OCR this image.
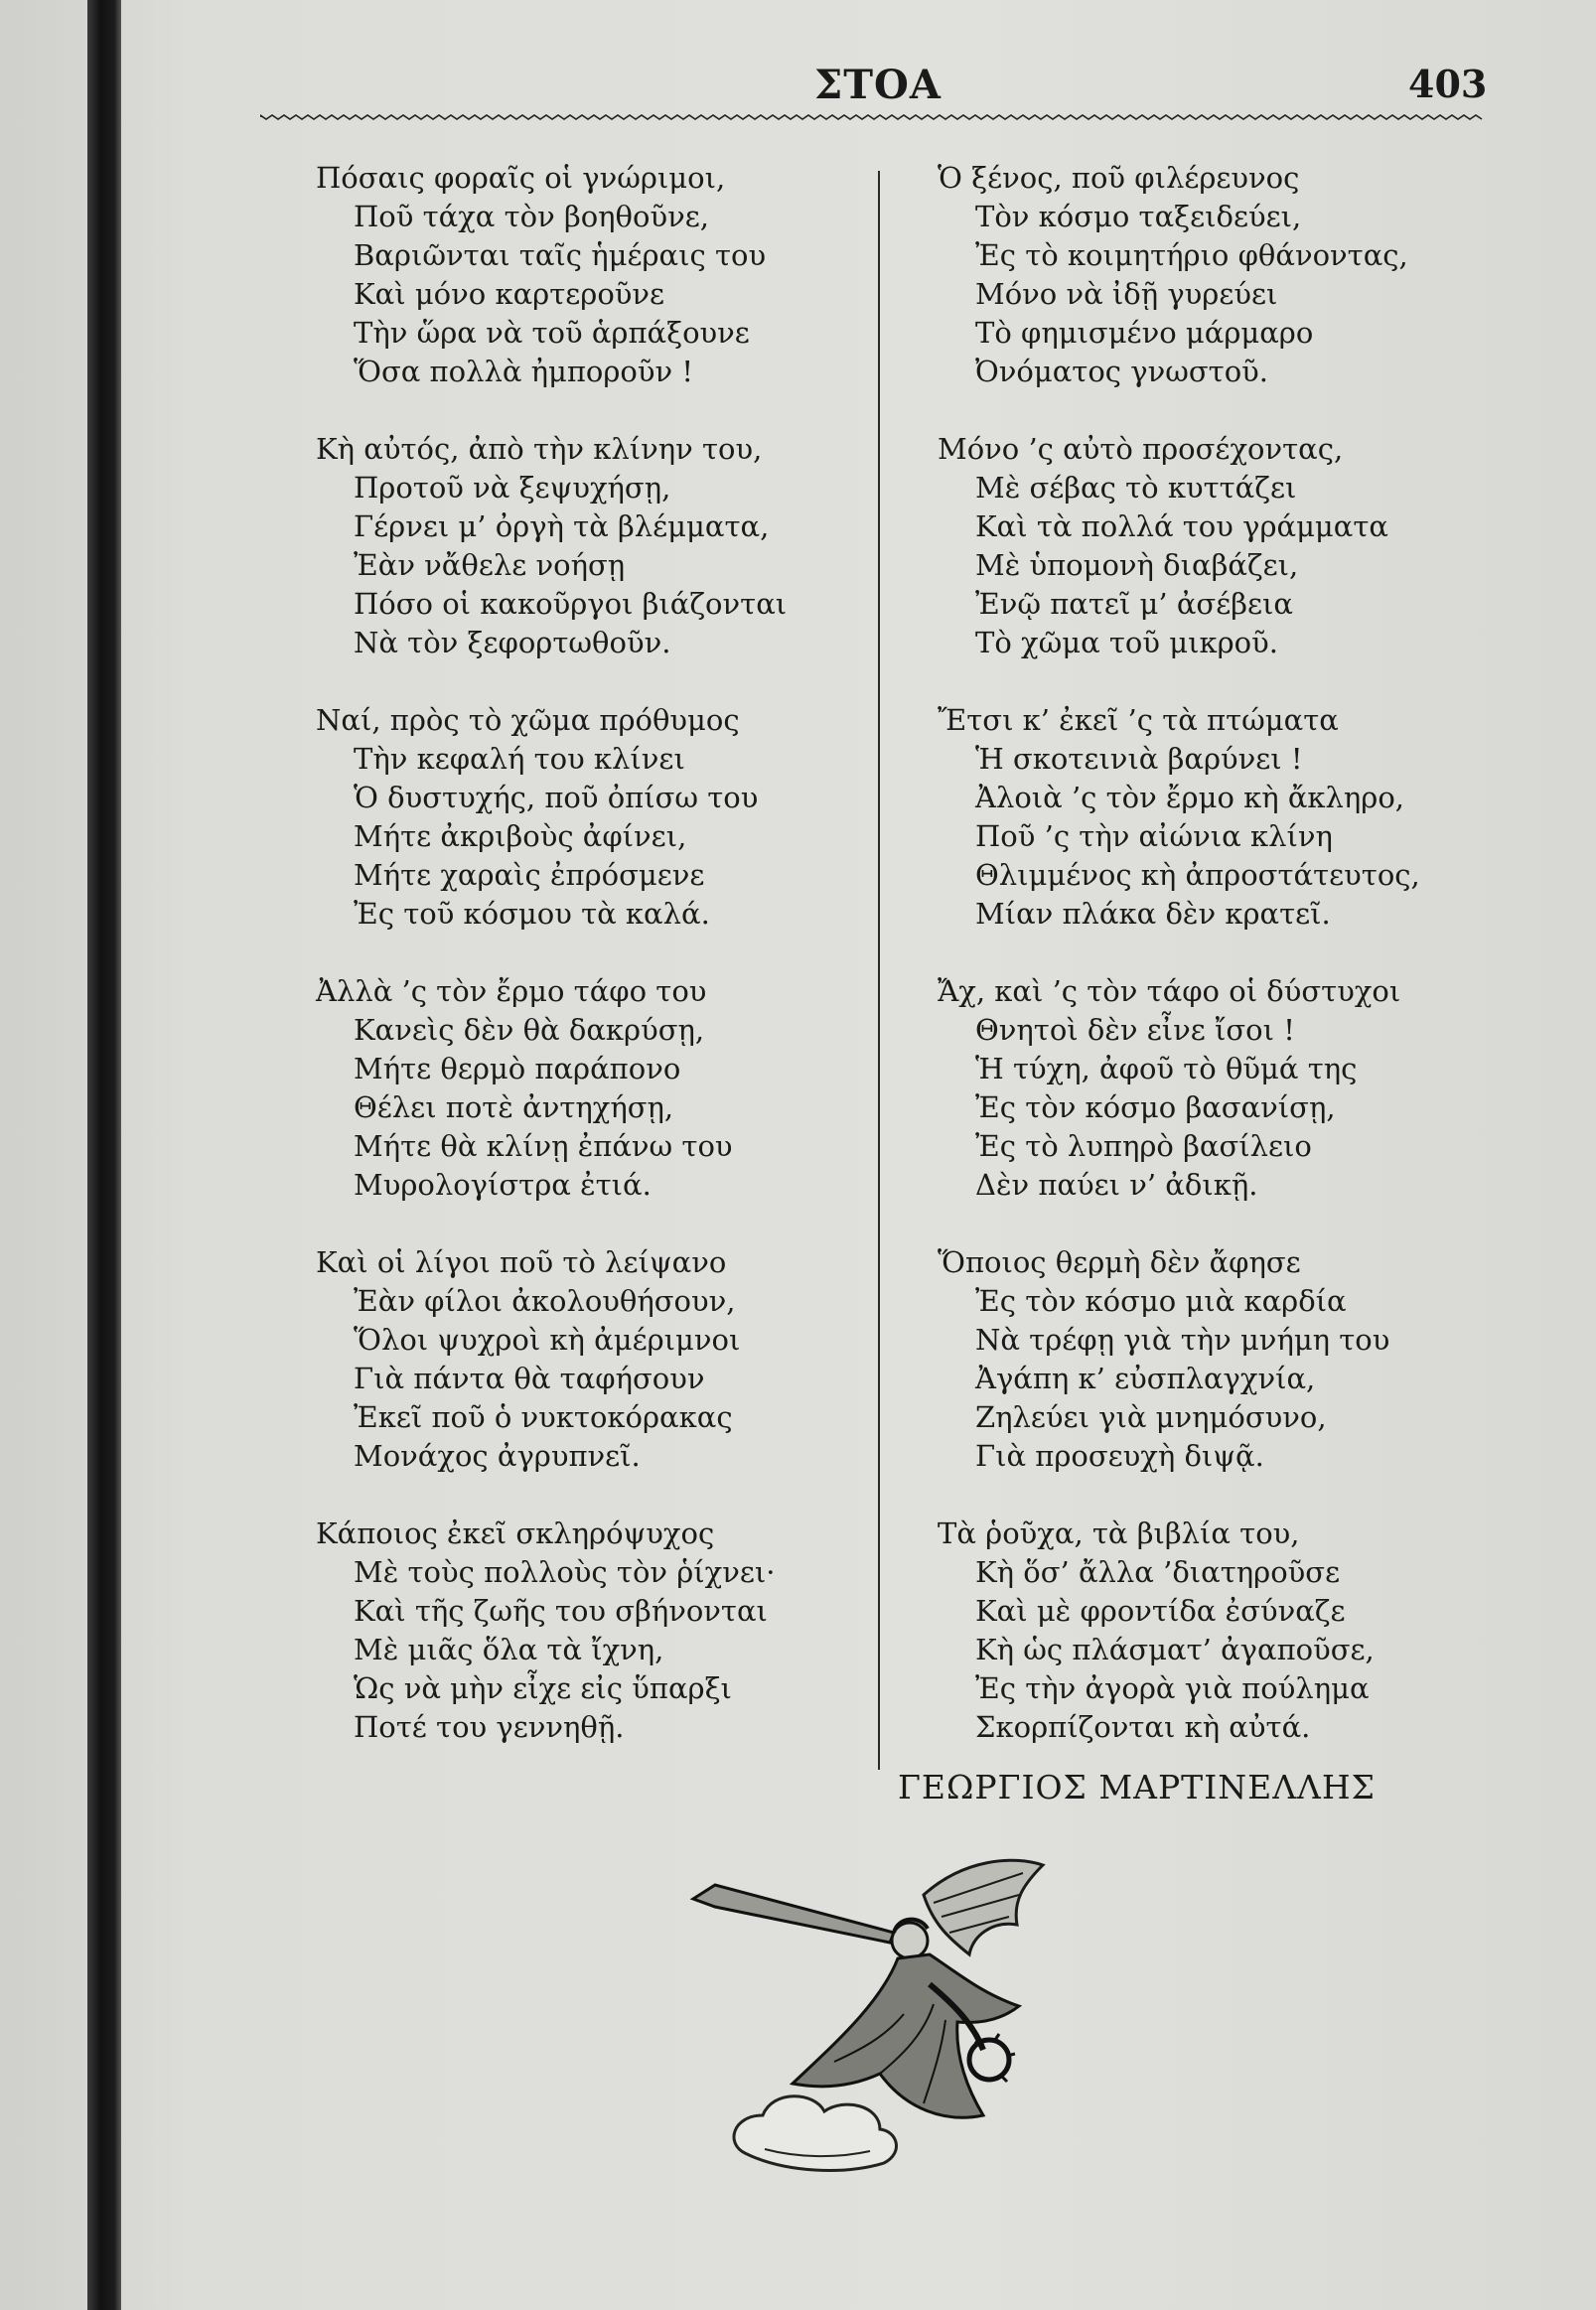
ΣΤΟΑ	403
Πόσαις φοραῖς οἱ γνώριμοι,
Ποῦ τάχα τὸν βοηθοῦνε,
Βαριῶνται ταῖς ἡμέραις του
Καὶ μόνο καρτεροῦνε
Τὴν ὥρα νὰ τοῦ ἁρπάξουνε
Ὅσα πολλὰ ἠμποροῦν !
Κὴ αὐτός, ἀπὸ τὴν κλίνην του,
Προτοῦ νὰ ξεψυχήσῃ,
Γέρνει μ’ ὀργὴ τὰ βλέμματα,
Ἐὰν νἄθελε νοήσῃ
Πόσο οἱ κακοῦργοι βιάζονται
Νὰ τὸν ξεφορτωθοῦν.
Ναί, πρὸς τὸ χῶμα πρόθυμος
Τὴν κεφαλή του κλίνει
Ὁ δυστυχής, ποῦ ὀπίσω του
Μήτε ἀκριβοὺς ἀφίνει,
Μήτε χαραὶς ἐπρόσμενε
Ἐς τοῦ κόσμου τὰ καλά.
Ἀλλὰ ’ς τὸν ἔρμο τάφο του
Κανεὶς δὲν θὰ δακρύσῃ,
Μήτε θερμὸ παράπονο
Θέλει ποτὲ ἀντηχήσῃ,
Μήτε θὰ κλίνῃ ἐπάνω του
Μυρολογίστρα ἐτιά.
Καὶ οἱ λίγοι ποῦ τὸ λείψανο
Ἐὰν φίλοι ἀκολουθήσουν,
Ὅλοι ψυχροὶ κὴ ἀμέριμνοι
Γιὰ πάντα θὰ ταφήσουν
Ἐκεῖ ποῦ ὁ νυκτοκόρακας
Μονάχος ἀγρυπνεῖ.
Κάποιος ἐκεῖ σκληρόψυχος
Μὲ τοὺς πολλοὺς τὸν ῥίχνει·
Καὶ τῆς ζωῆς του σβήνονται
Μὲ μιᾶς ὅλα τὰ ἴχνη,
Ὡς νὰ μὴν εἶχε εἰς ὕπαρξι
Ποτέ του γεννηθῇ.
Ὁ ξένος, ποῦ φιλέρευνος
Τὸν κόσμο ταξειδεύει,
Ἐς τὸ κοιμητήριο φθάνοντας,
Μόνο νὰ ἰδῇ γυρεύει
Τὸ φημισμένο μάρμαρο
Ὀνόματος γνωστοῦ.
Μόνο ’ς αὐτὸ προσέχοντας,
Μὲ σέβας τὸ κυττάζει
Καὶ τὰ πολλά του γράμματα
Μὲ ὑπομονὴ διαβάζει,
Ἐνῷ πατεῖ μ’ ἀσέβεια
Τὸ χῶμα τοῦ μικροῦ.
Ἔτσι κ’ ἐκεῖ ’ς τὰ πτώματα
Ἡ σκοτεινιὰ βαρύνει !
Ἀλοιὰ ’ς τὸν ἔρμο κὴ ἄκληρο,
Ποῦ ’ς τὴν αἰώνια κλίνη
Θλιμμένος κὴ ἀπροστάτευτος,
Μίαν πλάκα δὲν κρατεῖ.
Ἄχ, καὶ ’ς τὸν τάφο οἱ δύστυχοι
Θνητοὶ δὲν εἶνε ἴσοι !
Ἡ τύχη, ἀφοῦ τὸ θῦμά της
Ἐς τὸν κόσμο βασανίσῃ,
Ἐς τὸ λυπηρὸ βασίλειο
Δὲν παύει ν’ ἀδικῇ.
Ὅποιος θερμὴ δὲν ἄφησε
Ἐς τὸν κόσμο μιὰ καρδία
Νὰ τρέφῃ γιὰ τὴν μνήμη του
Ἀγάπη κ’ εὐσπλαγχνία,
Ζηλεύει γιὰ μνημόσυνο,
Γιὰ προσευχὴ διψᾷ.
Τὰ ῥοῦχα, τὰ βιβλία του,
Κὴ ὅσ’ ἄλλα ’διατηροῦσε
Καὶ μὲ φροντίδα ἐσύναζε
Κὴ ὡς πλάσματ’ ἀγαποῦσε,
Ἐς τὴν ἀγορὰ γιὰ πούλημα
Σκορπίζονται κὴ αὐτά.
ΓΕΩΡΓΙΟΣ ΜΑΡΤΙΝΕΛΛΗΣ
